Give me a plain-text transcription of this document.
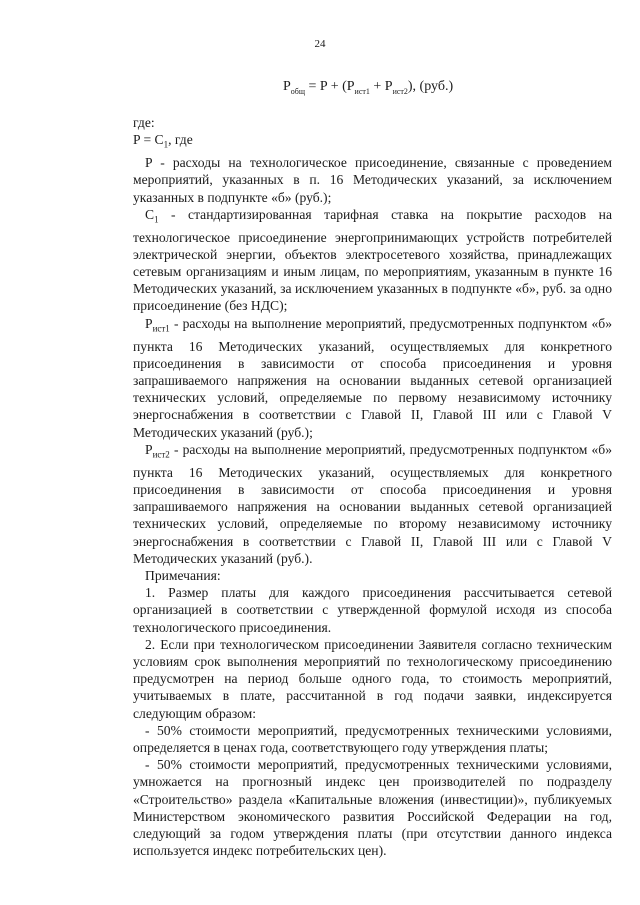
24
$P_{общ} = P + (P_{ист1} + P_{ист2})$, (руб.)

где:

$P = C_1$, где

P - расходы на технологическое присоединение, связанные с проведением мероприятий, указанных в п. 16 Методических указаний, за исключением указанных в подпункте «б» (руб.);

$C_1$ - стандартизированная тарифная ставка на покрытие расходов на технологическое присоединение энергопринимающих устройств потребителей электрической энергии, объектов электросетевого хозяйства, принадлежащих сетевым организациям и иным лицам, по мероприятиям, указанным в пункте 16 Методических указаний, за исключением указанных в подпункте «б», руб. за одно присоединение (без НДС);

$P_{ист1}$ - расходы на выполнение мероприятий, предусмотренных подпунктом «б» пункта 16 Методических указаний, осуществляемых для конкретного присоединения в зависимости от способа присоединения и уровня запрашиваемого напряжения на основании выданных сетевой организацией технических условий, определяемые по первому независимому источнику энергоснабжения в соответствии с Главой II, Главой III или с Главой V Методических указаний (руб.);

$P_{ист2}$ - расходы на выполнение мероприятий, предусмотренных подпунктом «б» пункта 16 Методических указаний, осуществляемых для конкретного присоединения в зависимости от способа присоединения и уровня запрашиваемого напряжения на основании выданных сетевой организацией технических условий, определяемые по второму независимому источнику энергоснабжения в соответствии с Главой II, Главой III или с Главой V Методических указаний (руб.).

Примечания:

1. Размер платы для каждого присоединения рассчитывается сетевой организацией в соответствии с утвержденной формулой исходя из способа технологического присоединения.

2. Если при технологическом присоединении Заявителя согласно техническим условиям срок выполнения мероприятий по технологическому присоединению предусмотрен на период больше одного года, то стоимость мероприятий, учитываемых в плате, рассчитанной в год подачи заявки, индексируется следующим образом:

- 50% стоимости мероприятий, предусмотренных техническими условиями, определяется в ценах года, соответствующего году утверждения платы;

- 50% стоимости мероприятий, предусмотренных техническими условиями, умножается на прогнозный индекс цен производителей по подразделу «Строительство» раздела «Капитальные вложения (инвестиции)», публикуемых Министерством экономического развития Российской Федерации на год, следующий за годом утверждения платы (при отсутствии данного индекса используется индекс потребительских цен).
